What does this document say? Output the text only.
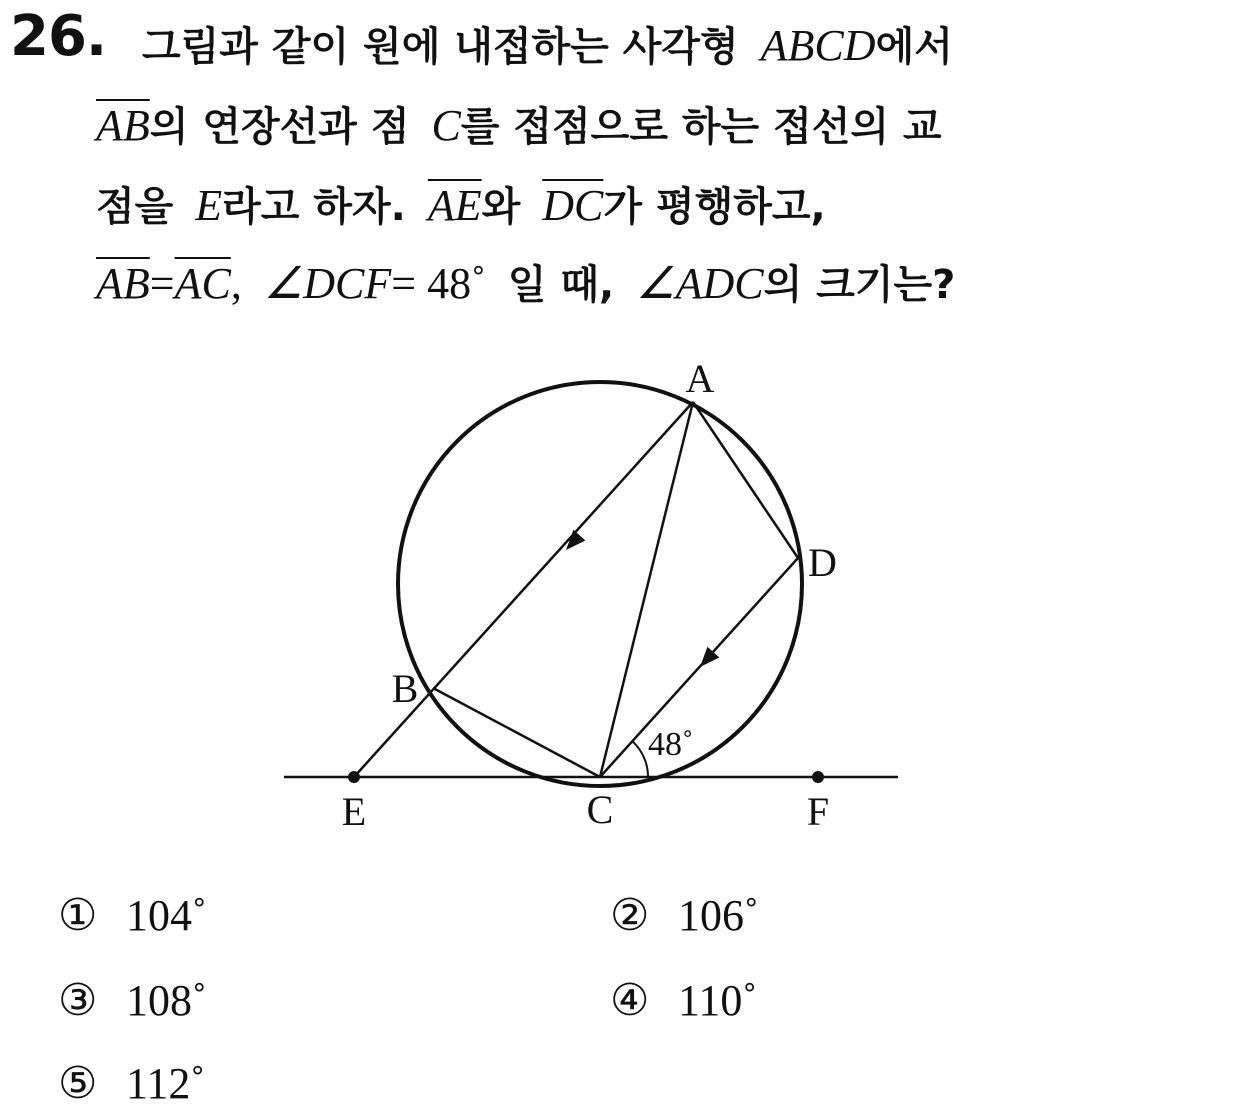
26. 그림과 같이 원에 내접하는 사각형 ABCD에서
$\overline{AB}$의 연장선과 점 C를 접점으로 하는 접선의 교
점을 E라고 하자. $\overline{AE}$와 $\overline{DC}$가 평행하고,
$\overline{AB}=\overline{AC}$, ∠DCF= 48˚ 일 때, ∠ADC의 크기는?
A
B
C
D
E	F
48˚
① 104˚	② 106˚
③ 108˚	④ 110˚
⑤ 112˚
